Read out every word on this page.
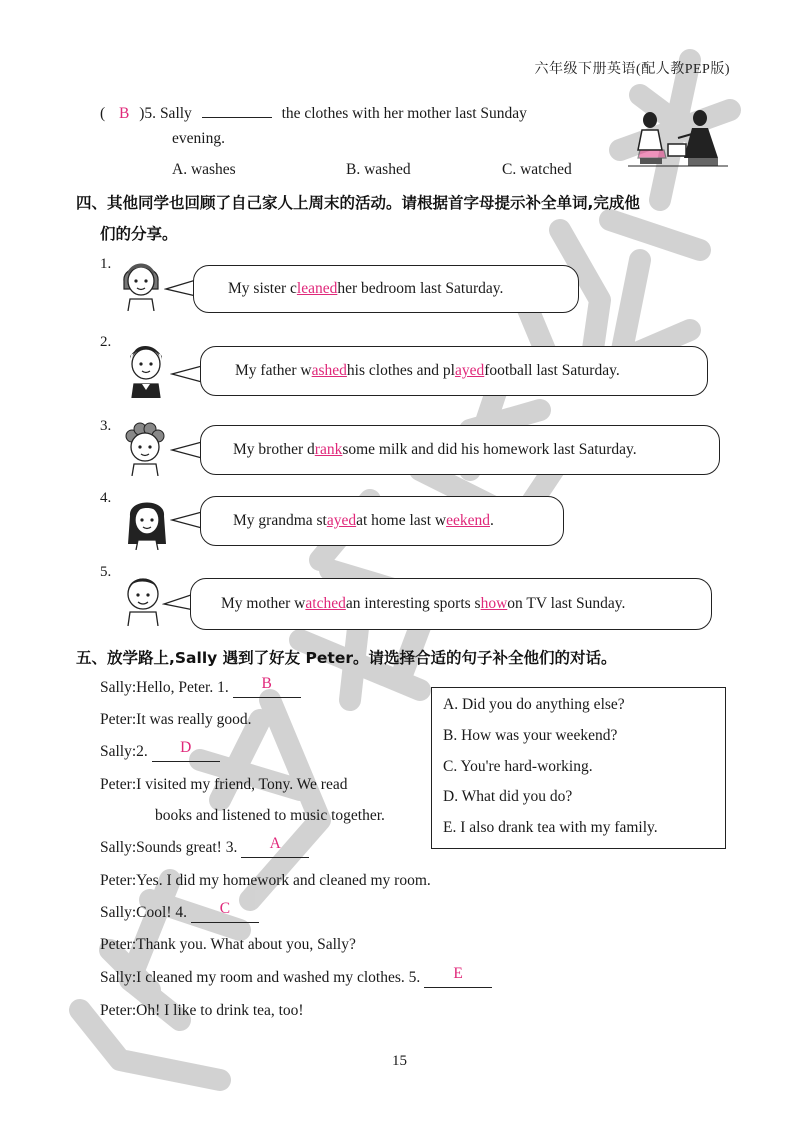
六年级下册英语(配人教PEP版)
( B )5. Sally	the clothes with her mother last Sunday
evening.
A. washes	B. washed	C. watched
四、其他同学也回顾了自己家人上周末的活动。请根据首字母提示补全单词,完成他
们的分享。
1.
My sister c leaned her bedroom last Saturday.
2.
My father w ashed his clothes and pl ayed football last Saturday.
3.
My brother d rank some milk and did his homework last Saturday.
4.
My grandma st ayed at home last w eekend .
5.
My mother w atched an interesting sports s how on TV last Sunday.
五、放学路上,Sally 遇到了好友 Peter。请选择合适的句子补全他们的对话。
A. Did you do anything else?
B. How was your weekend?
C. You're hard-working.
D. What did you do?
E. I also drank tea with my family.
Sally:Hello, Peter. 1. B
Peter:It was really good.
Sally:2. D
Peter:I visited my friend, Tony. We read
books and listened to music together.
Sally:Sounds great! 3. A
Peter:Yes. I did my homework and cleaned my room.
Sally:Cool! 4. C
Peter:Thank you. What about you, Sally?
Sally:I cleaned my room and washed my clothes. 5. E
Peter:Oh! I like to drink tea, too!
15
